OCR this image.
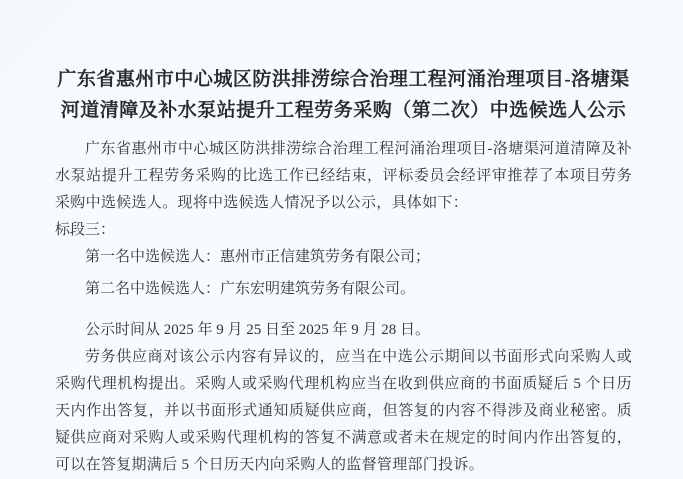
广东省惠州市中心城区防洪排涝综合治理工程河涌治理项目-洛塘渠河道清障及补水泵站提升工程劳务采购（第二次）中选候选人公示

广东省惠州市中心城区防洪排涝综合治理工程河涌治理项目-洛塘渠河道清障及补水泵站提升工程劳务采购的比选工作已经结束，评标委员会经评审推荐了本项目劳务采购中选候选人。现将中选候选人情况予以公示，具体如下：

标段三：

第一名中选候选人：惠州市正信建筑劳务有限公司；

第二名中选候选人：广东宏明建筑劳务有限公司。

公示时间从 2025 年 9 月 25 日至 2025 年 9 月 28 日。

劳务供应商对该公示内容有异议的，应当在中选公示期间以书面形式向采购人或采购代理机构提出。采购人或采购代理机构应当在收到供应商的书面质疑后 5 个日历天内作出答复，并以书面形式通知质疑供应商，但答复的内容不得涉及商业秘密。质疑供应商对采购人或采购代理机构的答复不满意或者未在规定的时间内作出答复的，可以在答复期满后 5 个日历天内向采购人的监督管理部门投诉。
